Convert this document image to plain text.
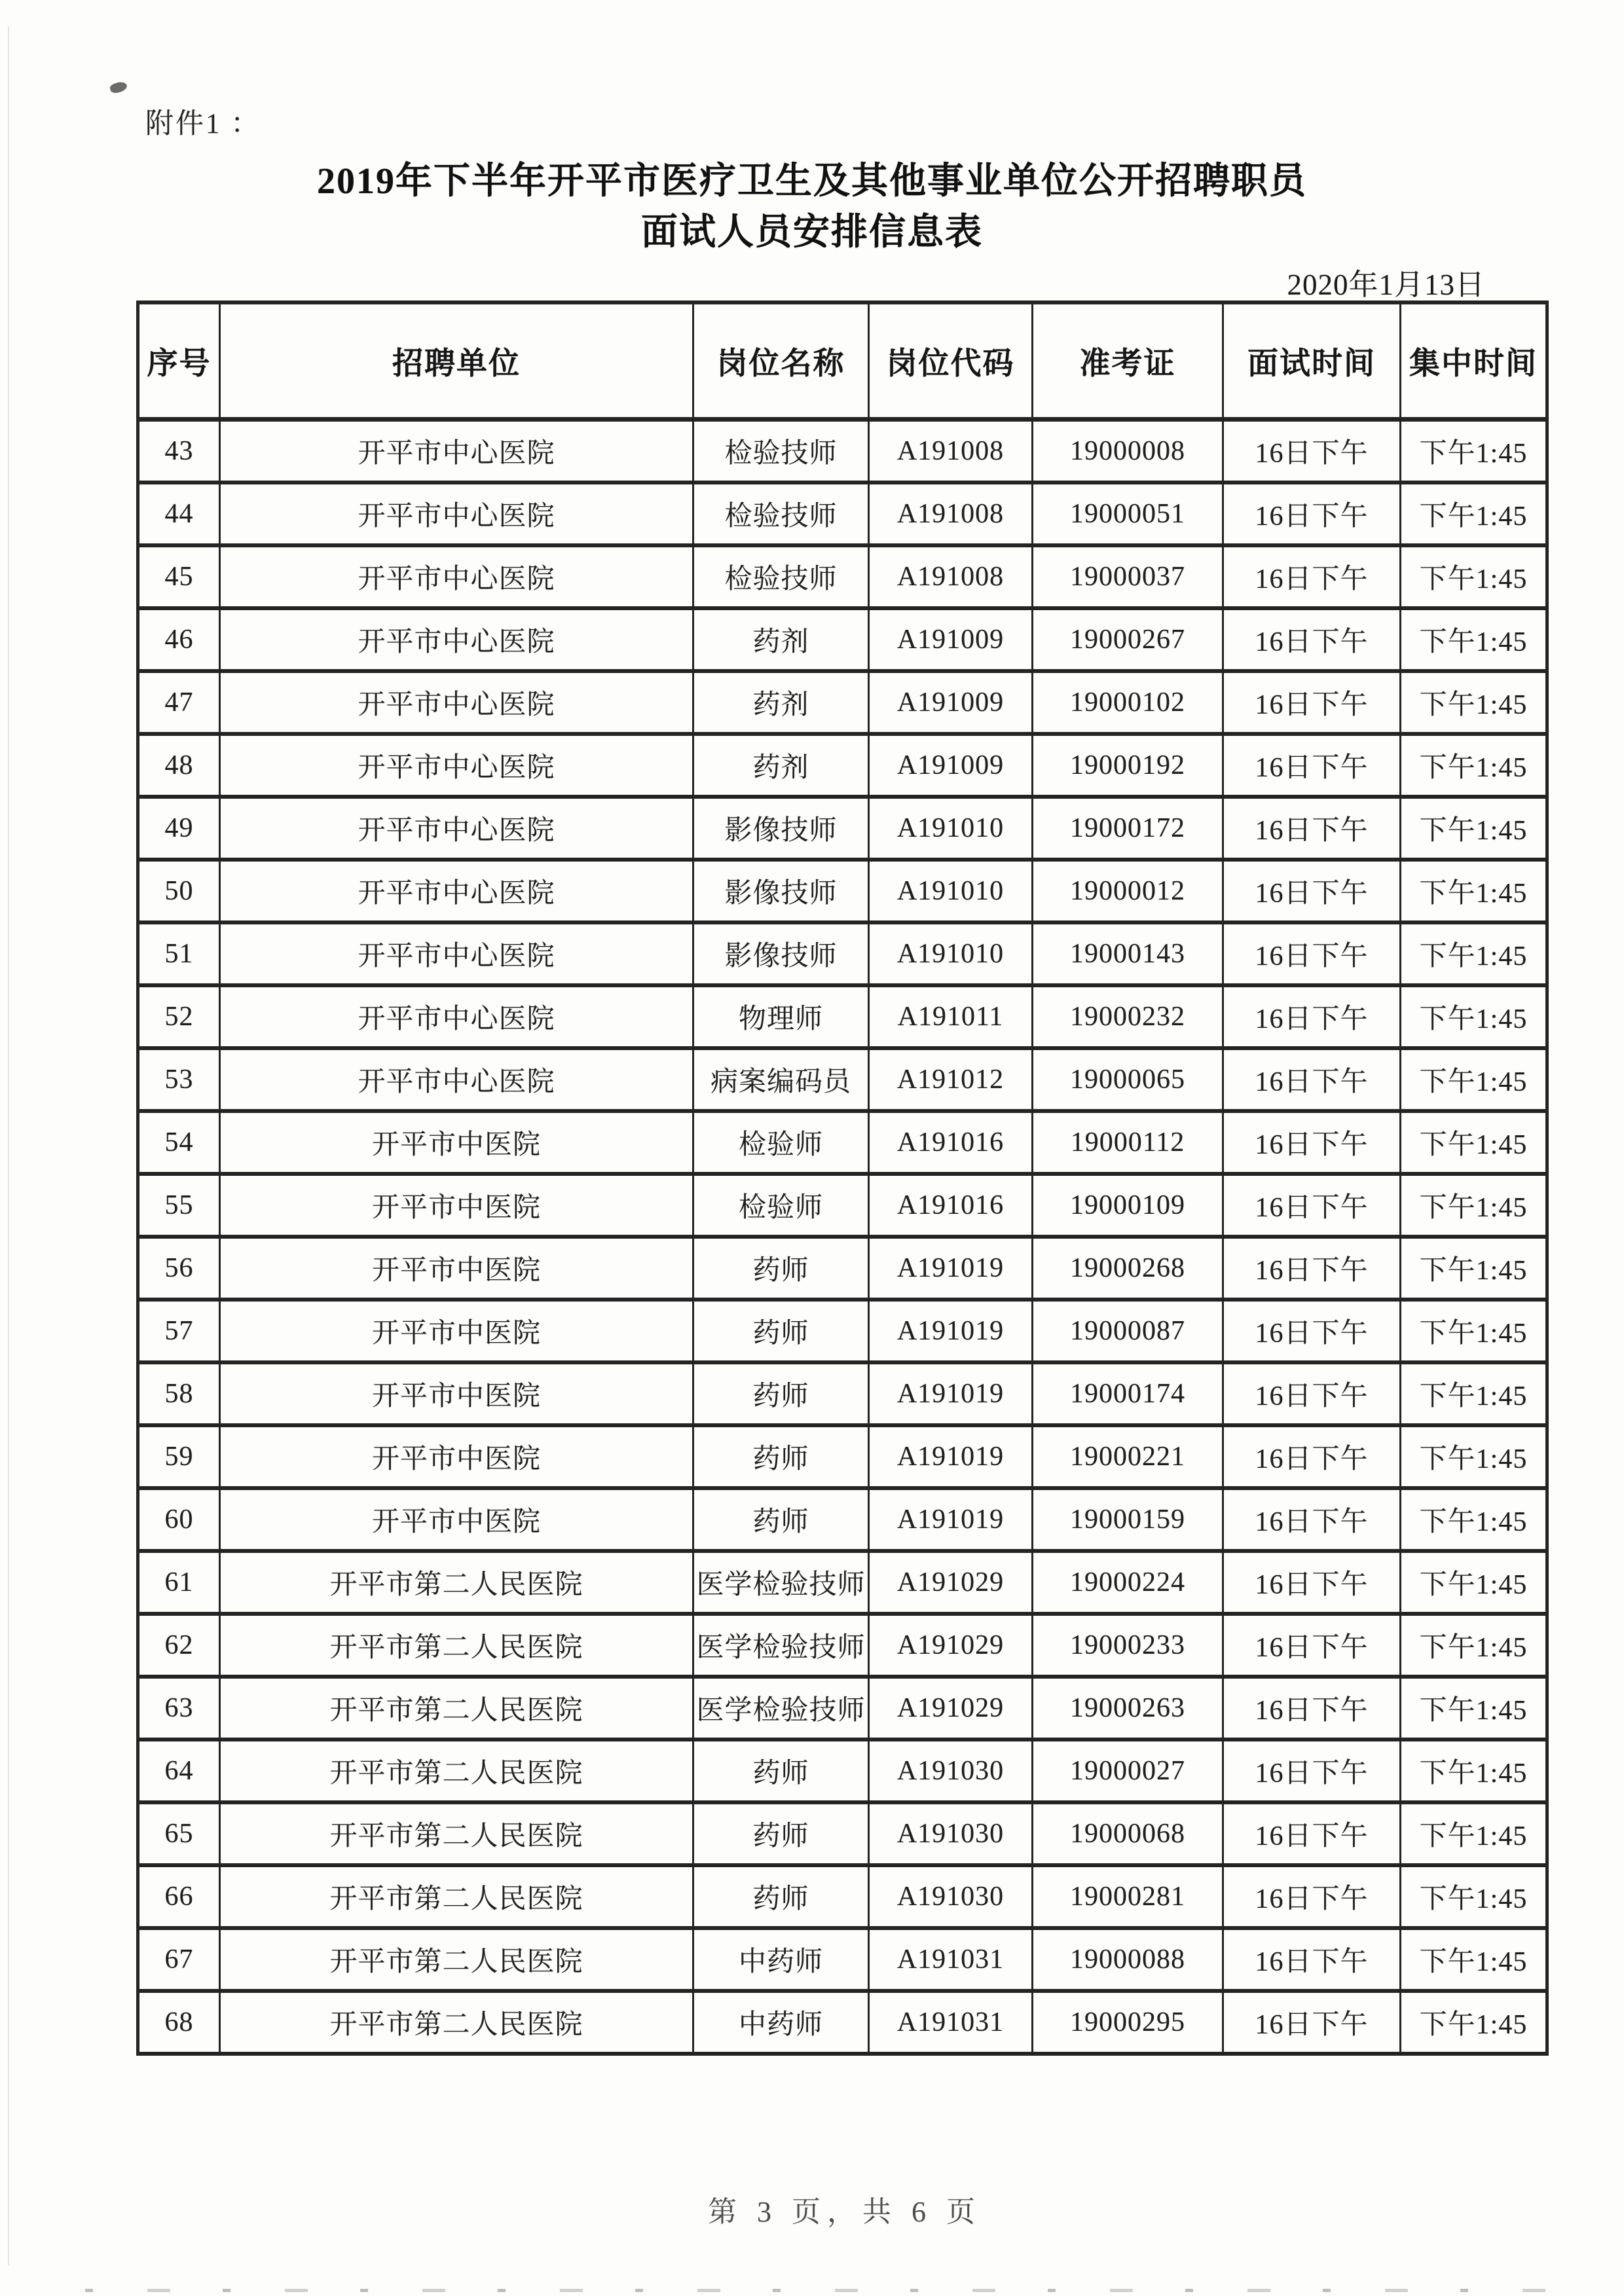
附件1 ：
2019年下半年开平市医疗卫生及其他事业单位公开招聘职员
面试人员安排信息表
2020年1月13日
序号	招聘单位	岗位名称	岗位代码	准考证	面试时间	集中时间
43	开平市中心医院	检验技师	A191008	19000008	16日下午	下午1:45
44	开平市中心医院	检验技师	A191008	19000051	16日下午	下午1:45
45	开平市中心医院	检验技师	A191008	19000037	16日下午	下午1:45
46	开平市中心医院	药剂	A191009	19000267	16日下午	下午1:45
47	开平市中心医院	药剂	A191009	19000102	16日下午	下午1:45
48	开平市中心医院	药剂	A191009	19000192	16日下午	下午1:45
49	开平市中心医院	影像技师	A191010	19000172	16日下午	下午1:45
50	开平市中心医院	影像技师	A191010	19000012	16日下午	下午1:45
51	开平市中心医院	影像技师	A191010	19000143	16日下午	下午1:45
52	开平市中心医院	物理师	A191011	19000232	16日下午	下午1:45
53	开平市中心医院	病案编码员	A191012	19000065	16日下午	下午1:45
54	开平市中医院	检验师	A191016	19000112	16日下午	下午1:45
55	开平市中医院	检验师	A191016	19000109	16日下午	下午1:45
56	开平市中医院	药师	A191019	19000268	16日下午	下午1:45
57	开平市中医院	药师	A191019	19000087	16日下午	下午1:45
58	开平市中医院	药师	A191019	19000174	16日下午	下午1:45
59	开平市中医院	药师	A191019	19000221	16日下午	下午1:45
60	开平市中医院	药师	A191019	19000159	16日下午	下午1:45
61	开平市第二人民医院	医学检验技师	A191029	19000224	16日下午	下午1:45
62	开平市第二人民医院	医学检验技师	A191029	19000233	16日下午	下午1:45
63	开平市第二人民医院	医学检验技师	A191029	19000263	16日下午	下午1:45
64	开平市第二人民医院	药师	A191030	19000027	16日下午	下午1:45
65	开平市第二人民医院	药师	A191030	19000068	16日下午	下午1:45
66	开平市第二人民医院	药师	A191030	19000281	16日下午	下午1:45
67	开平市第二人民医院	中药师	A191031	19000088	16日下午	下午1:45
68	开平市第二人民医院	中药师	A191031	19000295	16日下午	下午1:45
第 3 页，共 6 页
